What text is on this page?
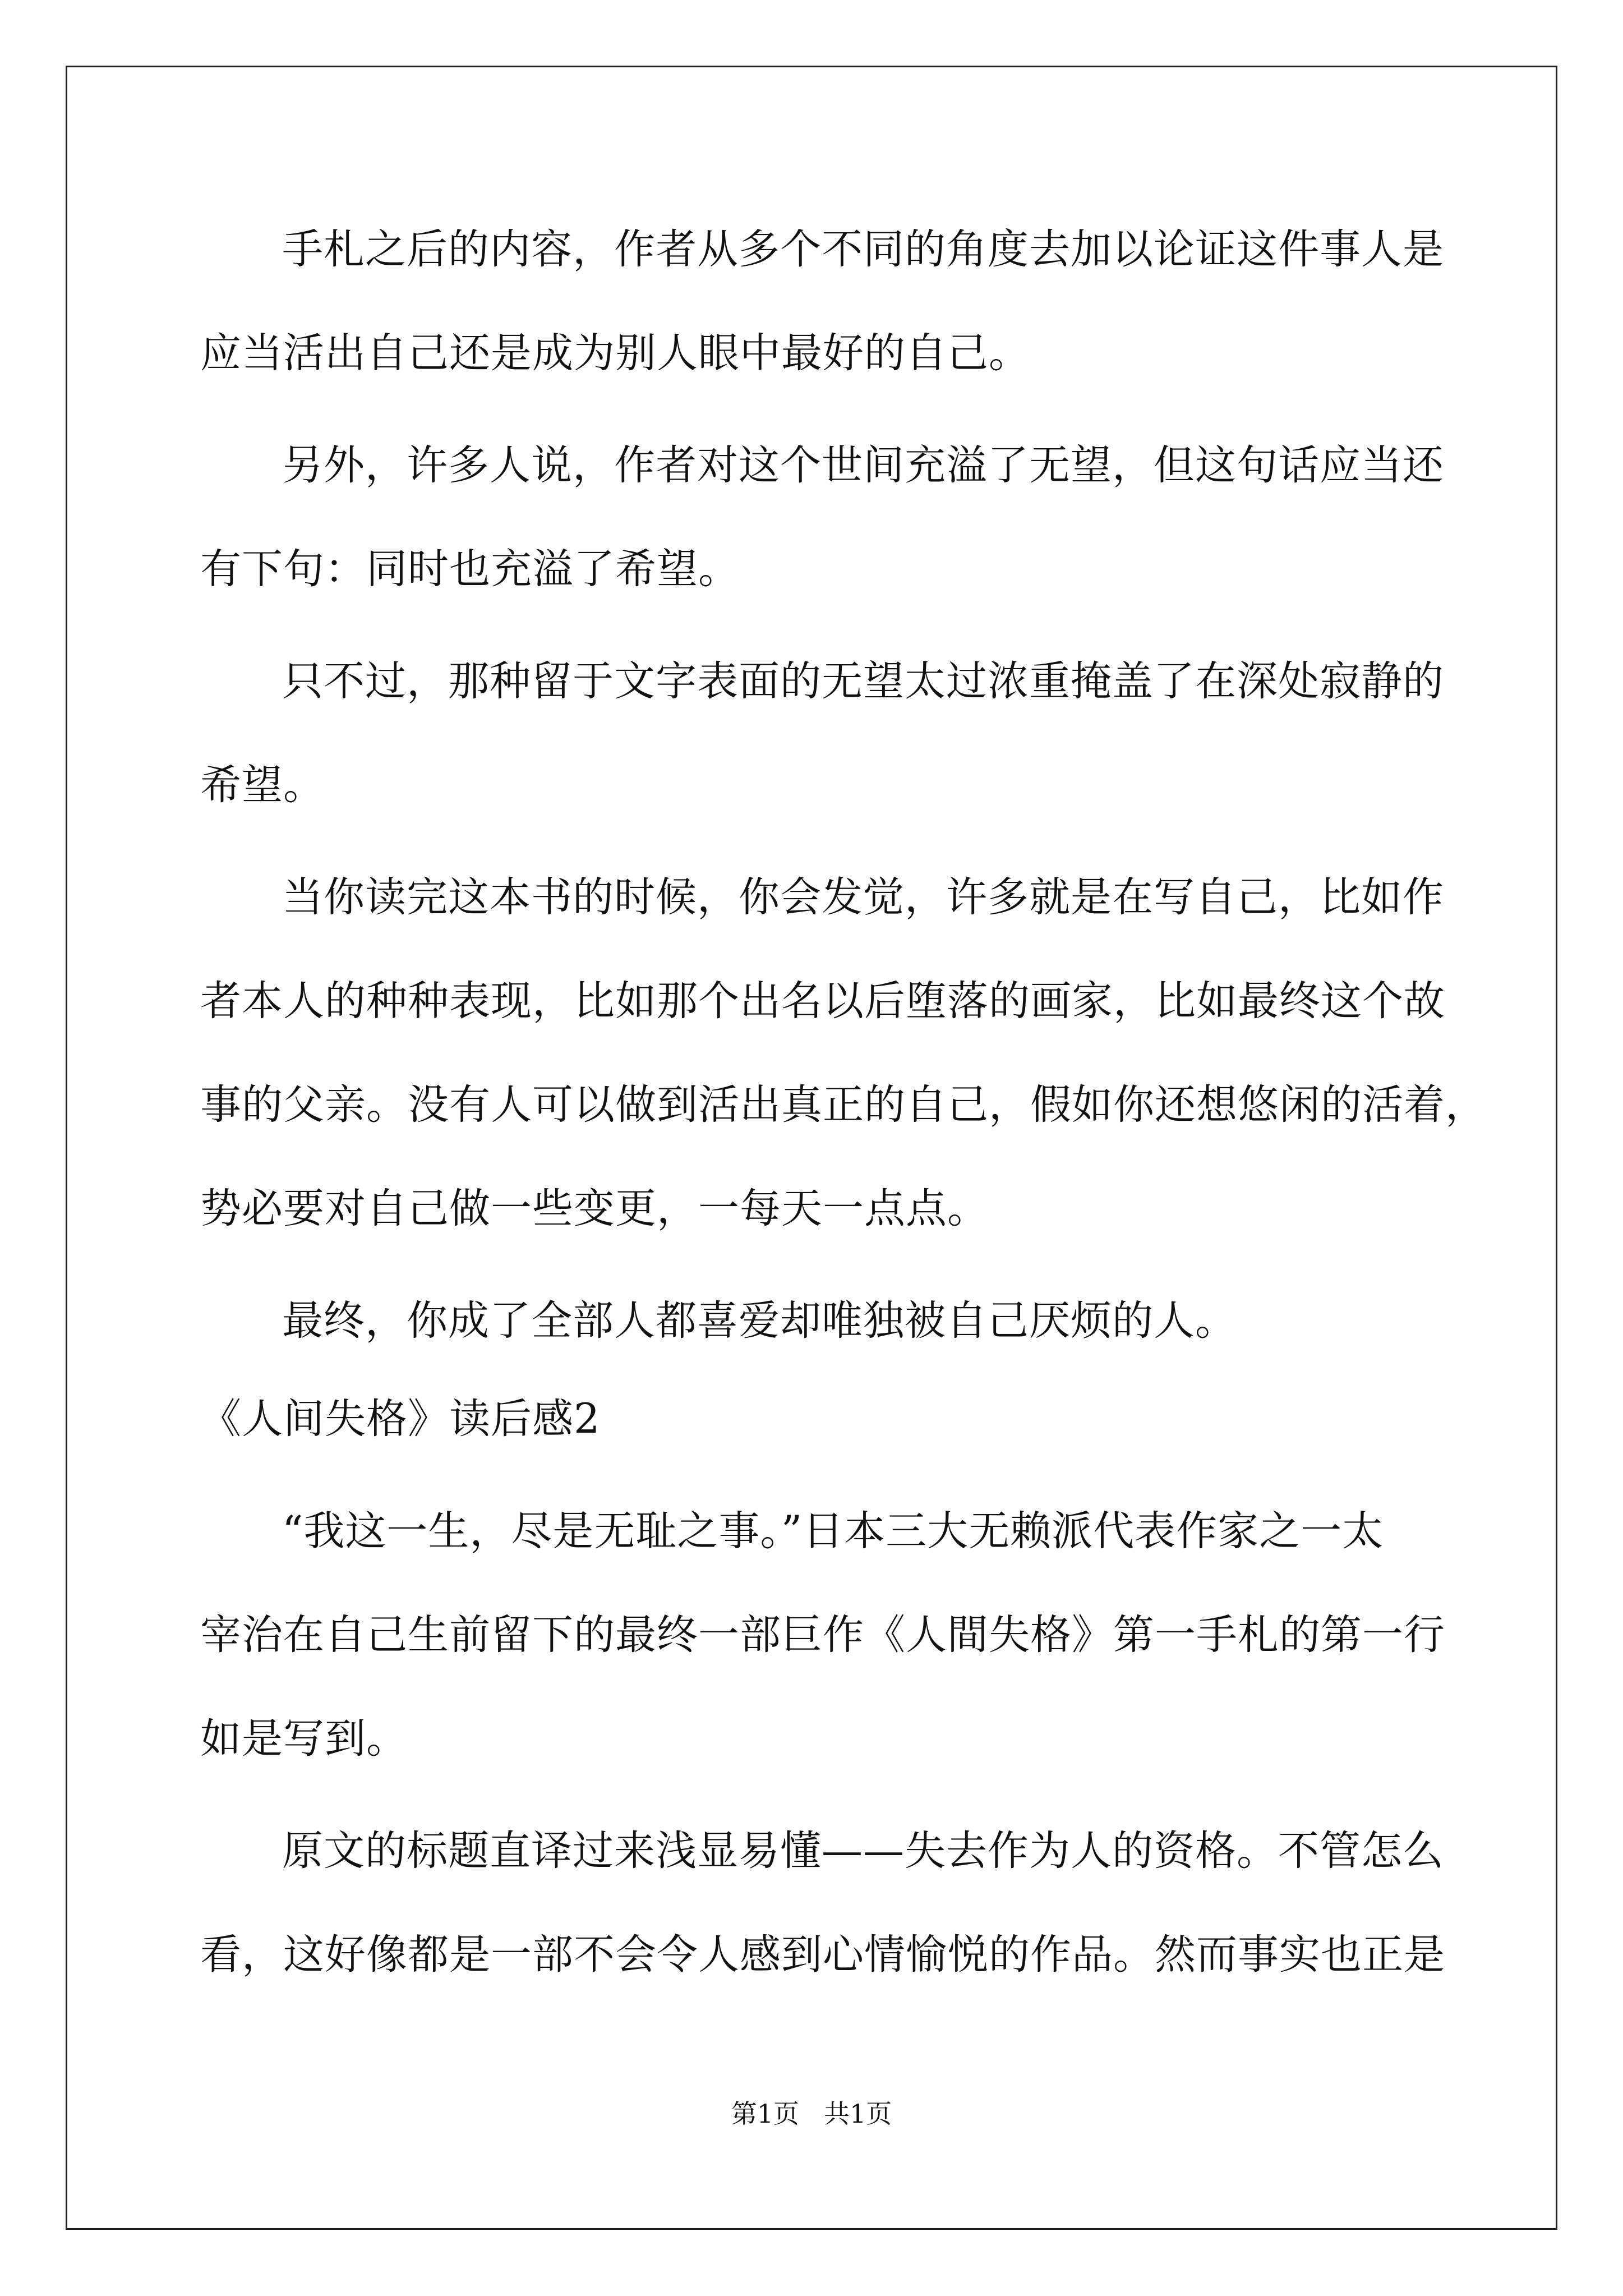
手札之后的内容，作者从多个不同的角度去加以论证这件事人是
应当活出自己还是成为别人眼中最好的自己。
另外，许多人说，作者对这个世间充溢了无望，但这句话应当还
有下句：同时也充溢了希望。
只不过，那种留于文字表面的无望太过浓重掩盖了在深处寂静的
希望。
当你读完这本书的时候，你会发觉，许多就是在写自己，比如作
者本人的种种表现，比如那个出名以后堕落的画家，比如最终这个故
事的父亲。没有人可以做到活出真正的自己，假如你还想悠闲的活着，
势必要对自己做一些变更，一每天一点点。
最终，你成了全部人都喜爱却唯独被自己厌烦的人。
《人间失格》读后感2
“我这一生，尽是无耻之事。”日本三大无赖派代表作家之一太
宰治在自己生前留下的最终一部巨作《人間失格》第一手札的第一行
如是写到。
原文的标题直译过来浅显易懂——失去作为人的资格。不管怎么
看，这好像都是一部不会令人感到心情愉悦的作品。然而事实也正是
第1页 共1页
